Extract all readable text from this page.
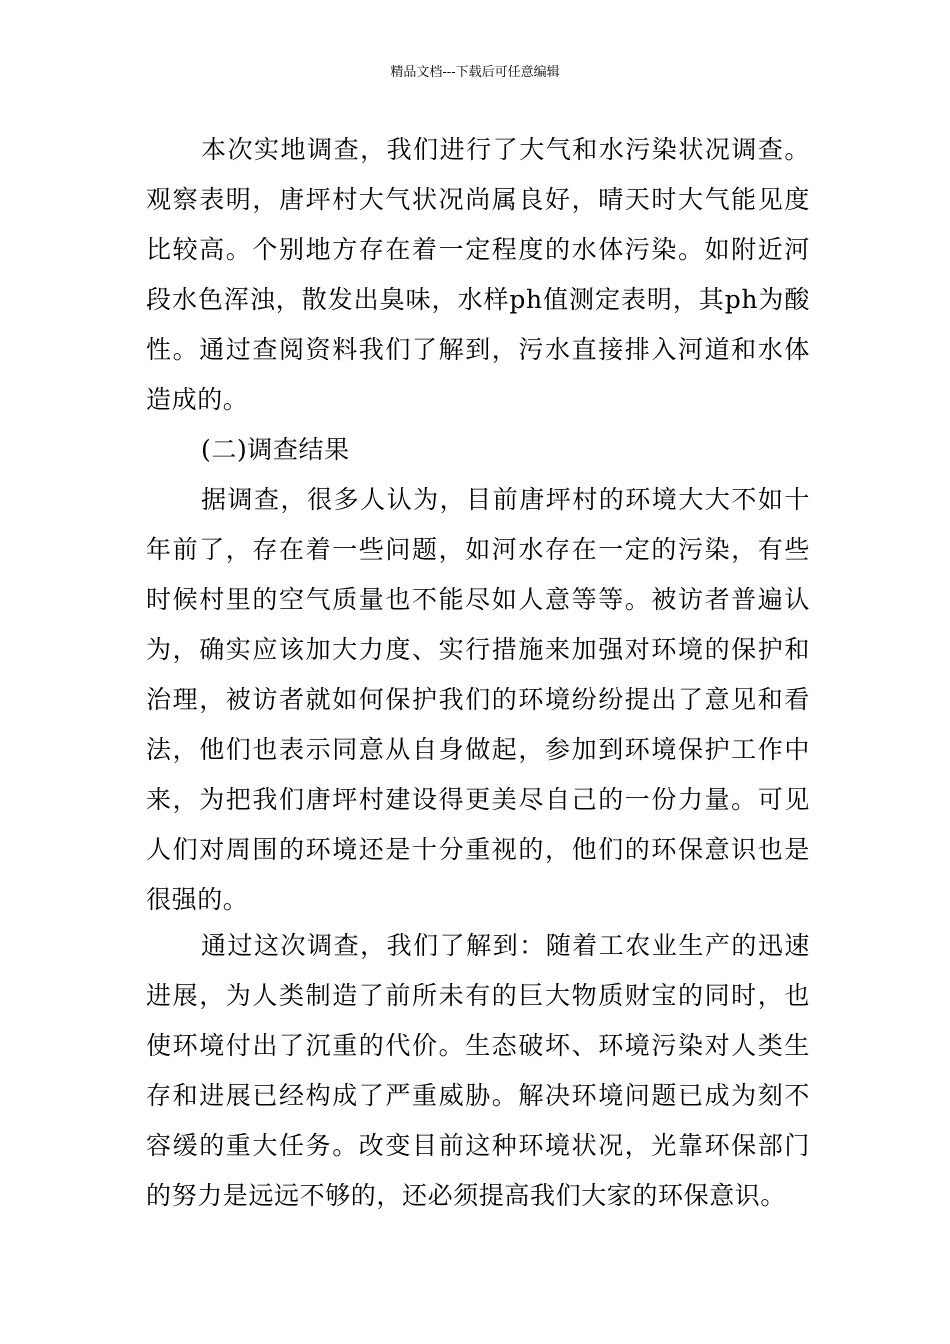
精品文档---下载后可任意编辑

本次实地调查，我们进行了大气和水污染状况调查。观察表明，唐坪村大气状况尚属良好，晴天时大气能见度比较高。个别地方存在着一定程度的水体污染。如附近河段水色浑浊，散发出臭味，水样ph值测定表明，其ph为酸性。通过查阅资料我们了解到，污水直接排入河道和水体造成的。

(二)调查结果

据调查，很多人认为，目前唐坪村的环境大大不如十年前了，存在着一些问题，如河水存在一定的污染，有些时候村里的空气质量也不能尽如人意等等。被访者普遍认为，确实应该加大力度、实行措施来加强对环境的保护和治理，被访者就如何保护我们的环境纷纷提出了意见和看法，他们也表示同意从自身做起，参加到环境保护工作中来，为把我们唐坪村建设得更美尽自己的一份力量。可见人们对周围的环境还是十分重视的，他们的环保意识也是很强的。

通过这次调查，我们了解到：随着工农业生产的迅速进展，为人类制造了前所未有的巨大物质财宝的同时，也使环境付出了沉重的代价。生态破坏、环境污染对人类生存和进展已经构成了严重威胁。解决环境问题已成为刻不容缓的重大任务。改变目前这种环境状况，光靠环保部门的努力是远远不够的，还必须提高我们大家的环保意识。
